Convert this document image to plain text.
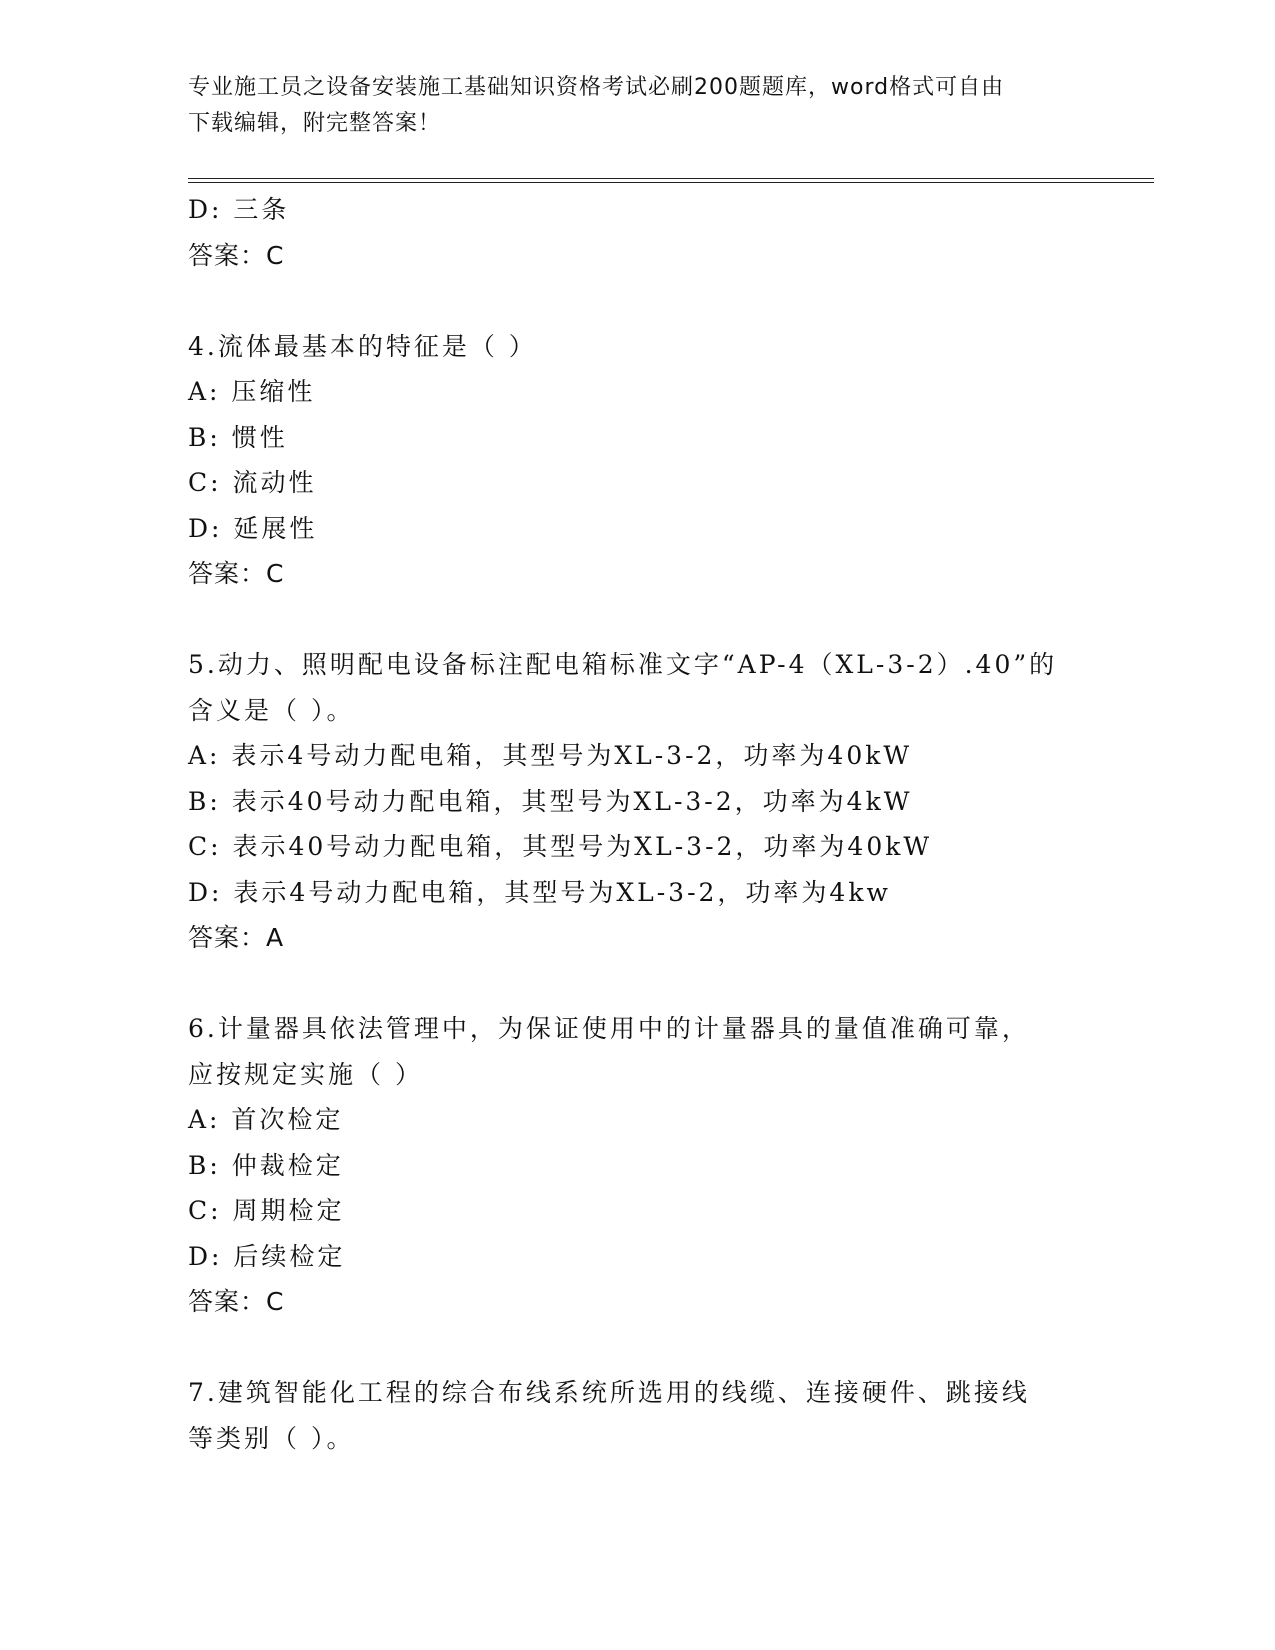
专业施工员之设备安装施工基础知识资格考试必刷200题题库，word格式可自由
下载编辑，附完整答案！
D: 三条
答案：C
4.流体最基本的特征是（ ）
A: 压缩性
B: 惯性
C: 流动性
D: 延展性
答案：C
5.动力、照明配电设备标注配电箱标准文字“AP-4（XL-3-2）.40”的
含义是（ ）。
A: 表示4号动力配电箱，其型号为XL-3-2，功率为40kW
B: 表示40号动力配电箱，其型号为XL-3-2，功率为4kW
C: 表示40号动力配电箱，其型号为XL-3-2，功率为40kW
D: 表示4号动力配电箱，其型号为XL-3-2，功率为4kw
答案：A
6.计量器具依法管理中，为保证使用中的计量器具的量值准确可靠，
应按规定实施（ ）
A: 首次检定
B: 仲裁检定
C: 周期检定
D: 后续检定
答案：C
7.建筑智能化工程的综合布线系统所选用的线缆、连接硬件、跳接线
等类别（ ）。
